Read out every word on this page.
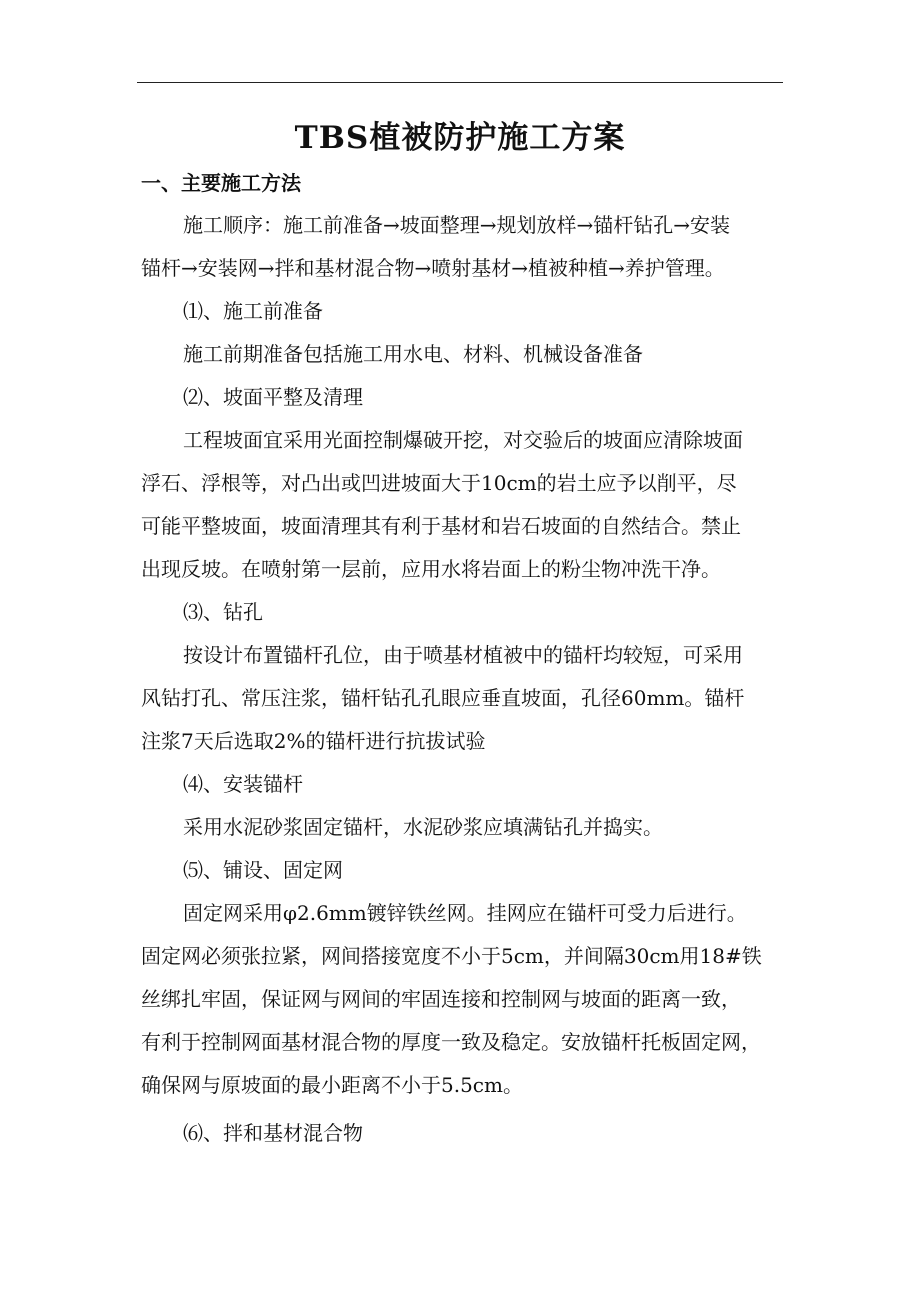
TBS植被防护施工方案
一、主要施工方法
施工顺序：施工前准备→坡面整理→规划放样→锚杆钻孔→安装
锚杆→安装网→拌和基材混合物→喷射基材→植被种植→养护管理。
⑴、施工前准备
施工前期准备包括施工用水电、材料、机械设备准备
⑵、坡面平整及清理
工程坡面宜采用光面控制爆破开挖，对交验后的坡面应清除坡面
浮石、浮根等，对凸出或凹进坡面大于10cm的岩土应予以削平，尽
可能平整坡面，坡面清理其有利于基材和岩石坡面的自然结合。禁止
出现反坡。在喷射第一层前，应用水将岩面上的粉尘物冲洗干净。
⑶、钻孔
按设计布置锚杆孔位，由于喷基材植被中的锚杆均较短，可采用
风钻打孔、常压注浆，锚杆钻孔孔眼应垂直坡面，孔径60mm。锚杆
注浆7天后选取2%的锚杆进行抗拔试验
⑷、安装锚杆
采用水泥砂浆固定锚杆，水泥砂浆应填满钻孔并捣实。
⑸、铺设、固定网
固定网采用φ2.6mm镀锌铁丝网。挂网应在锚杆可受力后进行。
固定网必须张拉紧，网间搭接宽度不小于5cm，并间隔30cm用18#铁
丝绑扎牢固，保证网与网间的牢固连接和控制网与坡面的距离一致，
有利于控制网面基材混合物的厚度一致及稳定。安放锚杆托板固定网，
确保网与原坡面的最小距离不小于5.5cm。
⑹、拌和基材混合物
